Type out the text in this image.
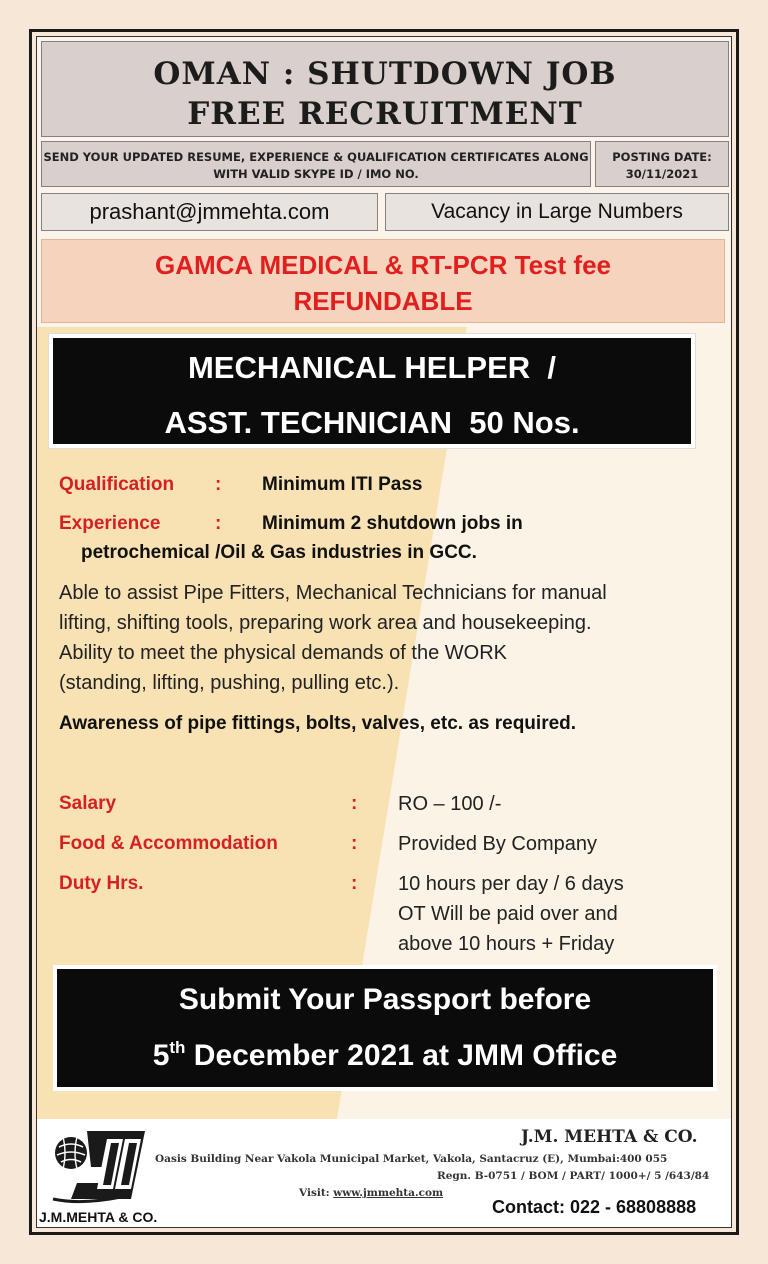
OMAN : SHUTDOWN JOB
FREE RECRUITMENT
SEND YOUR UPDATED RESUME, EXPERIENCE & QUALIFICATION CERTIFICATES ALONG
WITH VALID SKYPE ID / IMO NO.
POSTING DATE:
30/11/2021
prashant@jmmehta.com	Vacancy in Large Numbers
GAMCA MEDICAL & RT-PCR Test fee
REFUNDABLE
MECHANICAL HELPER  /
ASST. TECHNICIAN  50 Nos.
Qualification : Minimum ITI Pass
Experience	: Minimum 2 shutdown jobs in
petrochemical /Oil & Gas industries in GCC.
Able to assist Pipe Fitters, Mechanical Technicians for manual
lifting, shifting tools, preparing work area and housekeeping.
Ability to meet the physical demands of the WORK
(standing, lifting, pushing, pulling etc.).
Awareness of pipe fittings, bolts, valves, etc. as required.
Salary	: RO – 100 /-
Food & Accommodation	: Provided By Company
Duty Hrs.	: 10 hours per day / 6 days
OT Will be paid over and
above 10 hours + Friday
Submit Your Passport before
5th December 2021 at JMM Office
J.M.MEHTA & CO.
J.M. MEHTA & CO.
Oasis Building Near Vakola Municipal Market, Vakola, Santacruz (E), Mumbai:400 055
Regn. B-0751 / BOM / PART/ 1000+/ 5 /643/84
Visit: www.jmmehta.com
Contact: 022 - 68808888
